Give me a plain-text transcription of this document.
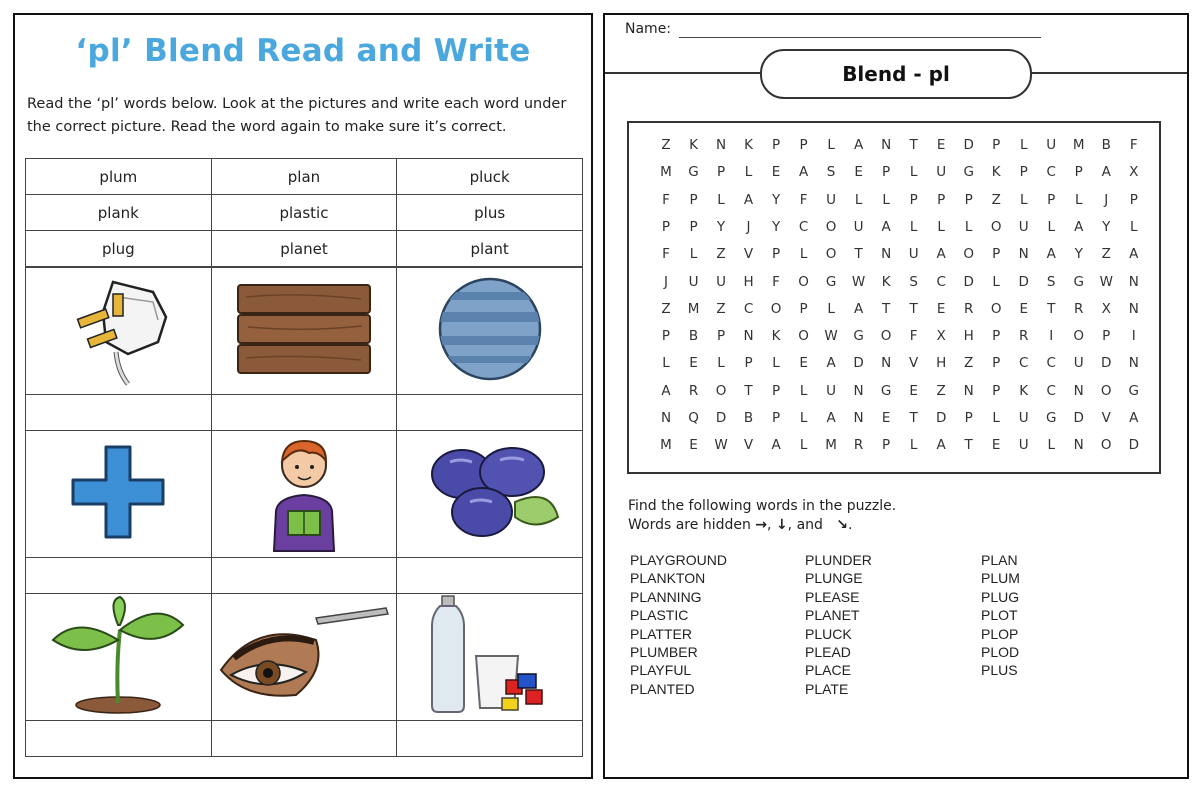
‘pl’ Blend Read and Write
Read the ‘pl’ words below. Look at the pictures and write each word under the correct picture. Read the word again to make sure it’s correct.
plum	plan	pluck
plank	plastic	plus
plug	planet	plant

Name:
Blend - pl
Z	K	N	K	P	P	L	A	N	T	E	D	P	L	U	M	B	F
M	G	P	L	E	A	S	E	P	L	U	G	K	P	C	P	A	X
F	P	L	A	Y	F	U	L	L	P	P	P	Z	L	P	L	J	P
P	P	Y	J	Y	C	O	U	A	L	L	L	O	U	L	A	Y	L
F	L	Z	V	P	L	O	T	N	U	A	O	P	N	A	Y	Z	A
J	U	U	H	F	O	G	W	K	S	C	D	L	D	S	G	W	N
Z	M	Z	C	O	P	L	A	T	T	E	R	O	E	T	R	X	N
P	B	P	N	K	O	W	G	O	F	X	H	P	R	I	O	P	I
L	E	L	P	L	E	A	D	N	V	H	Z	P	C	C	U	D	N
A	R	O	T	P	L	U	N	G	E	Z	N	P	K	C	N	O	G
N	Q	D	B	P	L	A	N	E	T	D	P	L	U	G	D	V	A
M	E	W	V	A	L	M	R	P	L	A	T	E	U	L	N	O	D
Find the following words in the puzzle.
Words are hidden →, ↓, and ↘.
PLAYGROUND
PLANKTON
PLANNING
PLASTIC
PLATTER
PLUMBER
PLAYFUL
PLANTED
PLUNDER
PLUNGE
PLEASE
PLANET
PLUCK
PLEAD
PLACE
PLATE
PLAN
PLUM
PLUG
PLOT
PLOP
PLOD
PLUS
